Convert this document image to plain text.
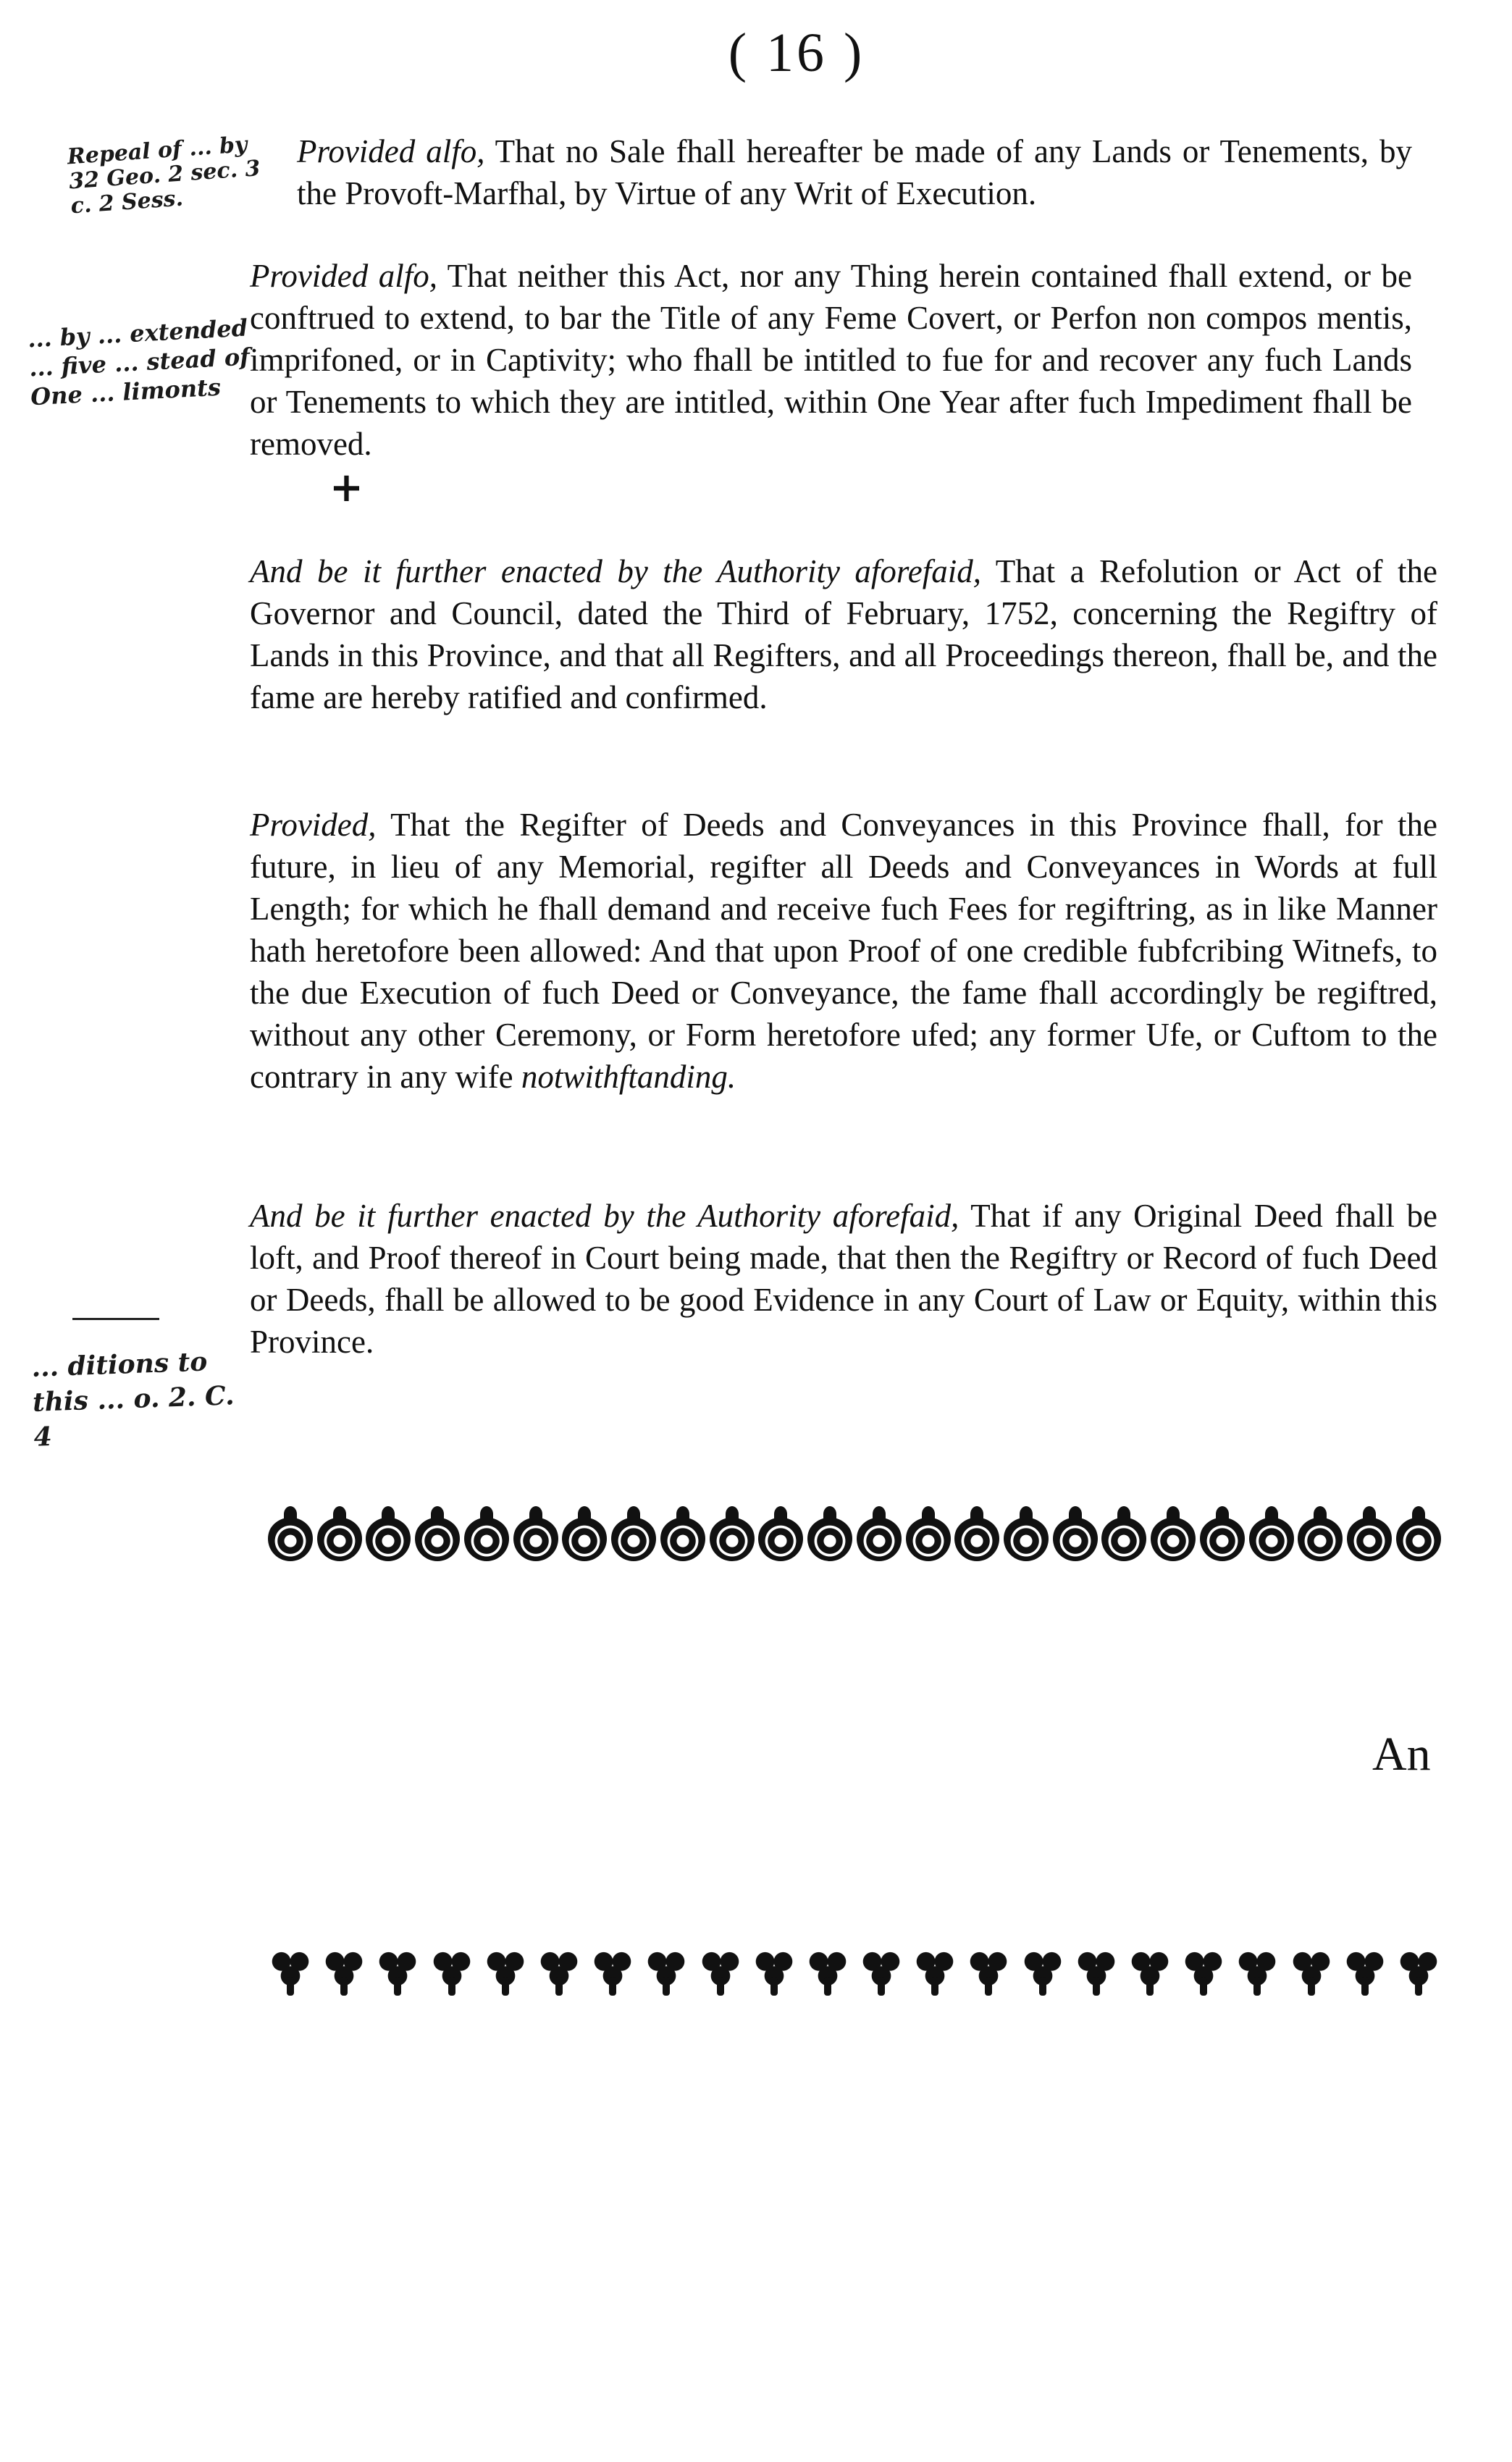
( 16 )
Repeal of ... by 32 Geo. 2 sec. 3 c. 2 Sess.
... by ... extended ... five ... stead of One ... limonts
... ditions to this ... o. 2. C. 4
Provided alfo, That no Sale fhall hereafter be made of any Lands or Tenements, by the Provoft-Marfhal, by Virtue of any Writ of Execution.
Provided alfo, That neither this Act, nor any Thing herein contained fhall extend, or be conftrued to extend, to bar the Title of any Feme Covert, or Perfon non compos mentis, imprifoned, or in Captivity; who fhall be intitled to fue for and recover any fuch Lands or Tenements to which they are intitled, within One Year after fuch Impediment fhall be removed.
+
And be it further enacted by the Authority aforefaid, That a Refolution or Act of the Governor and Council, dated the Third of February, 1752, concerning the Regiftry of Lands in this Province, and that all Regifters, and all Proceedings thereon, fhall be, and the fame are hereby ratified and confirmed.
Provided, That the Regifter of Deeds and Conveyances in this Province fhall, for the future, in lieu of any Memorial, regifter all Deeds and Conveyances in Words at full Length; for which he fhall demand and receive fuch Fees for regiftring, as in like Manner hath heretofore been allowed: And that upon Proof of one credible fubfcribing Witnefs, to the due Execution of fuch Deed or Conveyance, the fame fhall accordingly be regiftred, without any other Ceremony, or Form heretofore ufed; any former Ufe, or Cuftom to the contrary in any wife notwithftanding.
And be it further enacted by the Authority aforefaid, That if any Original Deed fhall be loft, and Proof thereof in Court being made, that then the Regiftry or Record of fuch Deed or Deeds, fhall be allowed to be good Evidence in any Court of Law or Equity, within this Province.
An
